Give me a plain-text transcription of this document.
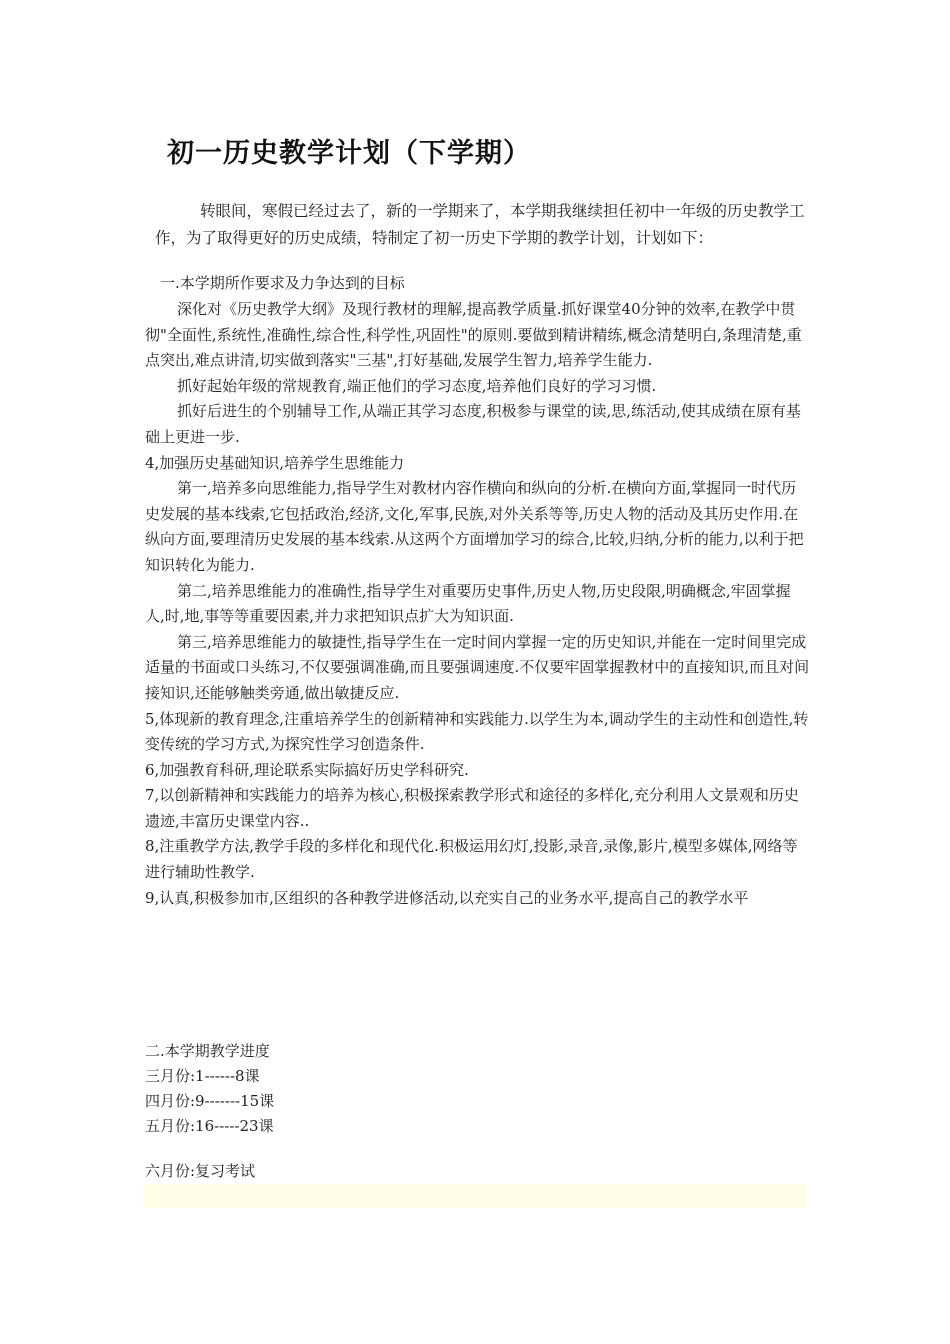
初一历史教学计划（下学期）

转眼间，寒假已经过去了，新的一学期来了，本学期我继续担任初中一年级的历史教学工作，为了取得更好的历史成绩，特制定了初一历史下学期的教学计划，计划如下：

一.本学期所作要求及力争达到的目标

深化对《历史教学大纲》及现行教材的理解,提高教学质量.抓好课堂40分钟的效率,在教学中贯彻"全面性,系统性,准确性,综合性,科学性,巩固性"的原则.要做到精讲精练,概念清楚明白,条理清楚,重点突出,难点讲清,切实做到落实"三基",打好基础,发展学生智力,培养学生能力.

抓好起始年级的常规教育,端正他们的学习态度,培养他们良好的学习习惯.

抓好后进生的个别辅导工作,从端正其学习态度,积极参与课堂的读,思,练活动,使其成绩在原有基础上更进一步.

4,加强历史基础知识,培养学生思维能力

第一,培养多向思维能力,指导学生对教材内容作横向和纵向的分析.在横向方面,掌握同一时代历史发展的基本线索,它包括政治,经济,文化,军事,民族,对外关系等等,历史人物的活动及其历史作用.在纵向方面,要理清历史发展的基本线索.从这两个方面增加学习的综合,比较,归纳,分析的能力,以利于把知识转化为能力.

第二,培养思维能力的准确性,指导学生对重要历史事件,历史人物,历史段限,明确概念,牢固掌握人,时,地,事等等重要因素,并力求把知识点扩大为知识面.

第三,培养思维能力的敏捷性,指导学生在一定时间内掌握一定的历史知识,并能在一定时间里完成适量的书面或口头练习,不仅要强调准确,而且要强调速度.不仅要牢固掌握教材中的直接知识,而且对间接知识,还能够触类旁通,做出敏捷反应.

5,体现新的教育理念,注重培养学生的创新精神和实践能力.以学生为本,调动学生的主动性和创造性,转变传统的学习方式,为探究性学习创造条件.

6,加强教育科研,理论联系实际搞好历史学科研究.

7,以创新精神和实践能力的培养为核心,积极探索教学形式和途径的多样化,充分利用人文景观和历史遗迹,丰富历史课堂内容..

8,注重教学方法,教学手段的多样化和现代化.积极运用幻灯,投影,录音,录像,影片,模型多媒体,网络等进行辅助性教学.

9,认真,积极参加市,区组织的各种教学进修活动,以充实自己的业务水平,提高自己的教学水平

二.本学期教学进度

三月份:1------8课

四月份:9-------15课

五月份:16-----23课

六月份:复习考试
